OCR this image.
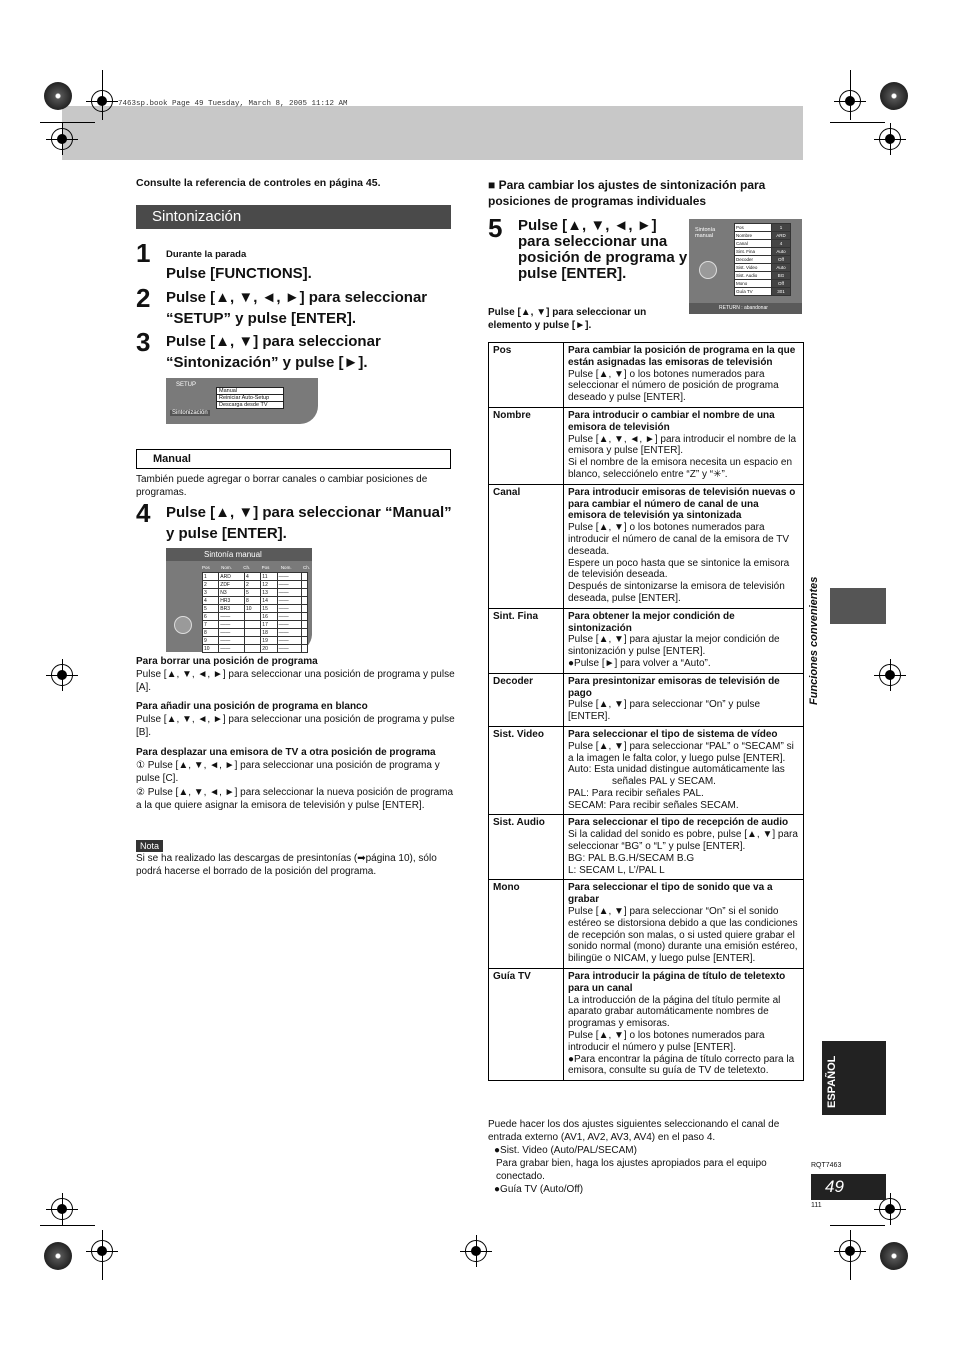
7463sp.book Page 49 Tuesday, March 8, 2005 11:12 AM
Consulte la referencia de controles en página 45.
Sintonización
1 Durante la parada
Pulse [FUNCTIONS].
2 Pulse [▲, ▼, ◄, ►] para seleccionar “SETUP” y pulse [ENTER].
3 Pulse [▲, ▼] para seleccionar “Sintonización” y pulse [►].
SETUP
Manual
Reiniciar Auto-Setup
Descarga desde TV
Sintonización
Manual
También puede agregar o borrar canales o cambiar posiciones de programas.
4 Pulse [▲, ▼] para seleccionar “Manual” y pulse [ENTER].
Sintonía manual
Pos	Nom.	Ch.	Pos	Nom.	Ch.
1	ARD	4	11	——	
2	ZDF	2	12	——	
3	N3	5	13	——	
4	HR3	8	14	——	
5	BR3	10	15	——	
6	——		16	——	
7	——		17	——	
8	——		18	——	
9	——		19	——	
10	——		20	——	
Para borrar una posición de programa
Pulse [▲, ▼, ◄, ►] para seleccionar una posición de programa y pulse [A].
Para añadir una posición de programa en blanco
Pulse [▲, ▼, ◄, ►] para seleccionar una posición de programa y pulse [B].
Para desplazar una emisora de TV a otra posición de programa
① Pulse [▲, ▼, ◄, ►] para seleccionar una posición de programa y pulse [C].
② Pulse [▲, ▼, ◄, ►] para seleccionar la nueva posición de programa a la que quiere asignar la emisora de televisión y pulse [ENTER].
Nota
Si se ha realizado las descargas de presintonías (➡página 10), sólo podrá hacerse el borrado de la posición del programa.
■ Para cambiar los ajustes de sintonización para posiciones de programas individuales
5 Pulse [▲, ▼, ◄, ►] para seleccionar una posición de programa y pulse [ENTER].
Pulse [▲, ▼] para seleccionar un elemento y pulse [►].
Sintonía manual
Pos	1
Nombre	ARD
Canal	4
Sint. Fina	Auto
Decoder	Off
Sist. Video	Auto
Sist. Audio	BG
Mono	Off
Guía TV	301
RETURN : abandonar
Pos	Para cambiar la posición de programa en la que están asignadas las emisoras de televisión
Pulse [▲, ▼] o los botones numerados para seleccionar el número de posición de programa deseado y pulse [ENTER].

Nombre	Para introducir o cambiar el nombre de una emisora de televisión
Pulse [▲, ▼, ◄, ►] para introducir el nombre de la emisora y pulse [ENTER].
Si el nombre de la emisora necesita un espacio en blanco, selecciónelo entre “Z” y “✳”.

Canal	Para introducir emisoras de televisión nuevas o para cambiar el número de canal de una emisora de televisión ya sintonizada
Pulse [▲, ▼] o los botones numerados para introducir el número de canal de la emisora de TV deseada.
Espere un poco hasta que se sintonice la emisora de televisión deseada.
Después de sintonizarse la emisora de televisión deseada, pulse [ENTER].

Sint. Fina	Para obtener la mejor condición de sintonización
Pulse [▲, ▼] para ajustar la mejor condición de sintonización y pulse [ENTER].
●Pulse [►] para volver a “Auto”.

Decoder	Para presintonizar emisoras de televisión de pago
Pulse [▲, ▼] para seleccionar “On” y pulse [ENTER].

Sist. Video	Para seleccionar el tipo de sistema de vídeo
Pulse [▲, ▼] para seleccionar “PAL” o “SECAM” si a la imagen le falta color, y luego pulse [ENTER].
Auto: Esta unidad distingue automáticamente las señales PAL y SECAM.
PAL: Para recibir señales PAL.
SECAM: Para recibir señales SECAM.

Sist. Audio	Para seleccionar el tipo de recepción de audio
Si la calidad del sonido es pobre, pulse [▲, ▼] para seleccionar “BG” o “L” y pulse [ENTER].
BG: PAL B.G.H/SECAM B.G
L: SECAM L, L’/PAL L

Mono	Para seleccionar el tipo de sonido que va a grabar
Pulse [▲, ▼] para seleccionar “On” si el sonido estéreo se distorsiona debido a que las condiciones de recepción son malas, o si usted quiere grabar el sonido normal (mono) durante una emisión estéreo, bilingüe o NICAM, y luego pulse [ENTER].

Guía TV	Para introducir la página de título de teletexto para un canal
La introducción de la página del título permite al aparato grabar automáticamente nombres de programas y emisoras.
Pulse [▲, ▼] o los botones numerados para introducir el número y pulse [ENTER].
●Para encontrar la página de título correcto para la emisora, consulte su guía de TV de teletexto.
Puede hacer los dos ajustes siguientes seleccionando el canal de entrada externo (AV1, AV2, AV3, AV4) en el paso 4.
●Sist. Video (Auto/PAL/SECAM)
Para grabar bien, haga los ajustes apropiados para el equipo conectado.
●Guía TV (Auto/Off)
Funciones convenientes
ESPAÑOL
RQT7463
49
111
